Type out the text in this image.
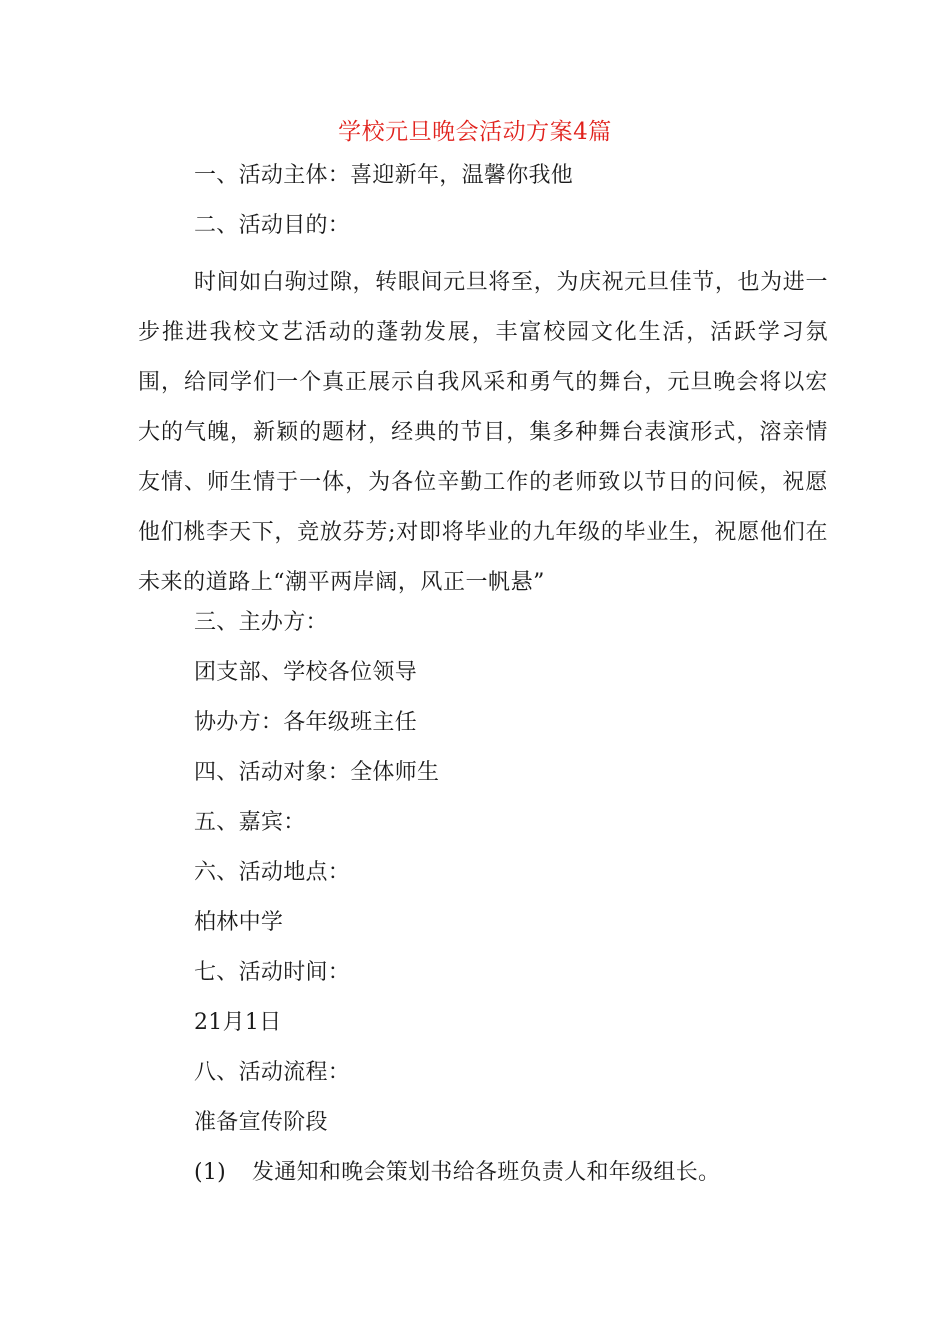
学校元旦晚会活动方案4篇
一、活动主体：喜迎新年，温馨你我他
二、活动目的：
时间如白驹过隙，转眼间元旦将至，为庆祝元旦佳节，也为进一步推进我校文艺活动的蓬勃发展，丰富校园文化生活，活跃学习氛围，给同学们一个真正展示自我风采和勇气的舞台，元旦晚会将以宏大的气魄，新颖的题材，经典的节目，集多种舞台表演形式，溶亲情友情、师生情于一体，为各位辛勤工作的老师致以节日的问候，祝愿他们桃李天下，竞放芬芳;对即将毕业的九年级的毕业生，祝愿他们在未来的道路上“潮平两岸阔，风正一帆悬”
三、主办方：
团支部、学校各位领导
协办方：各年级班主任
四、活动对象：全体师生
五、嘉宾：
六、活动地点：
柏林中学
七、活动时间：
21月1日
八、活动流程：
准备宣传阶段
(1) 发通知和晚会策划书给各班负责人和年级组长。
